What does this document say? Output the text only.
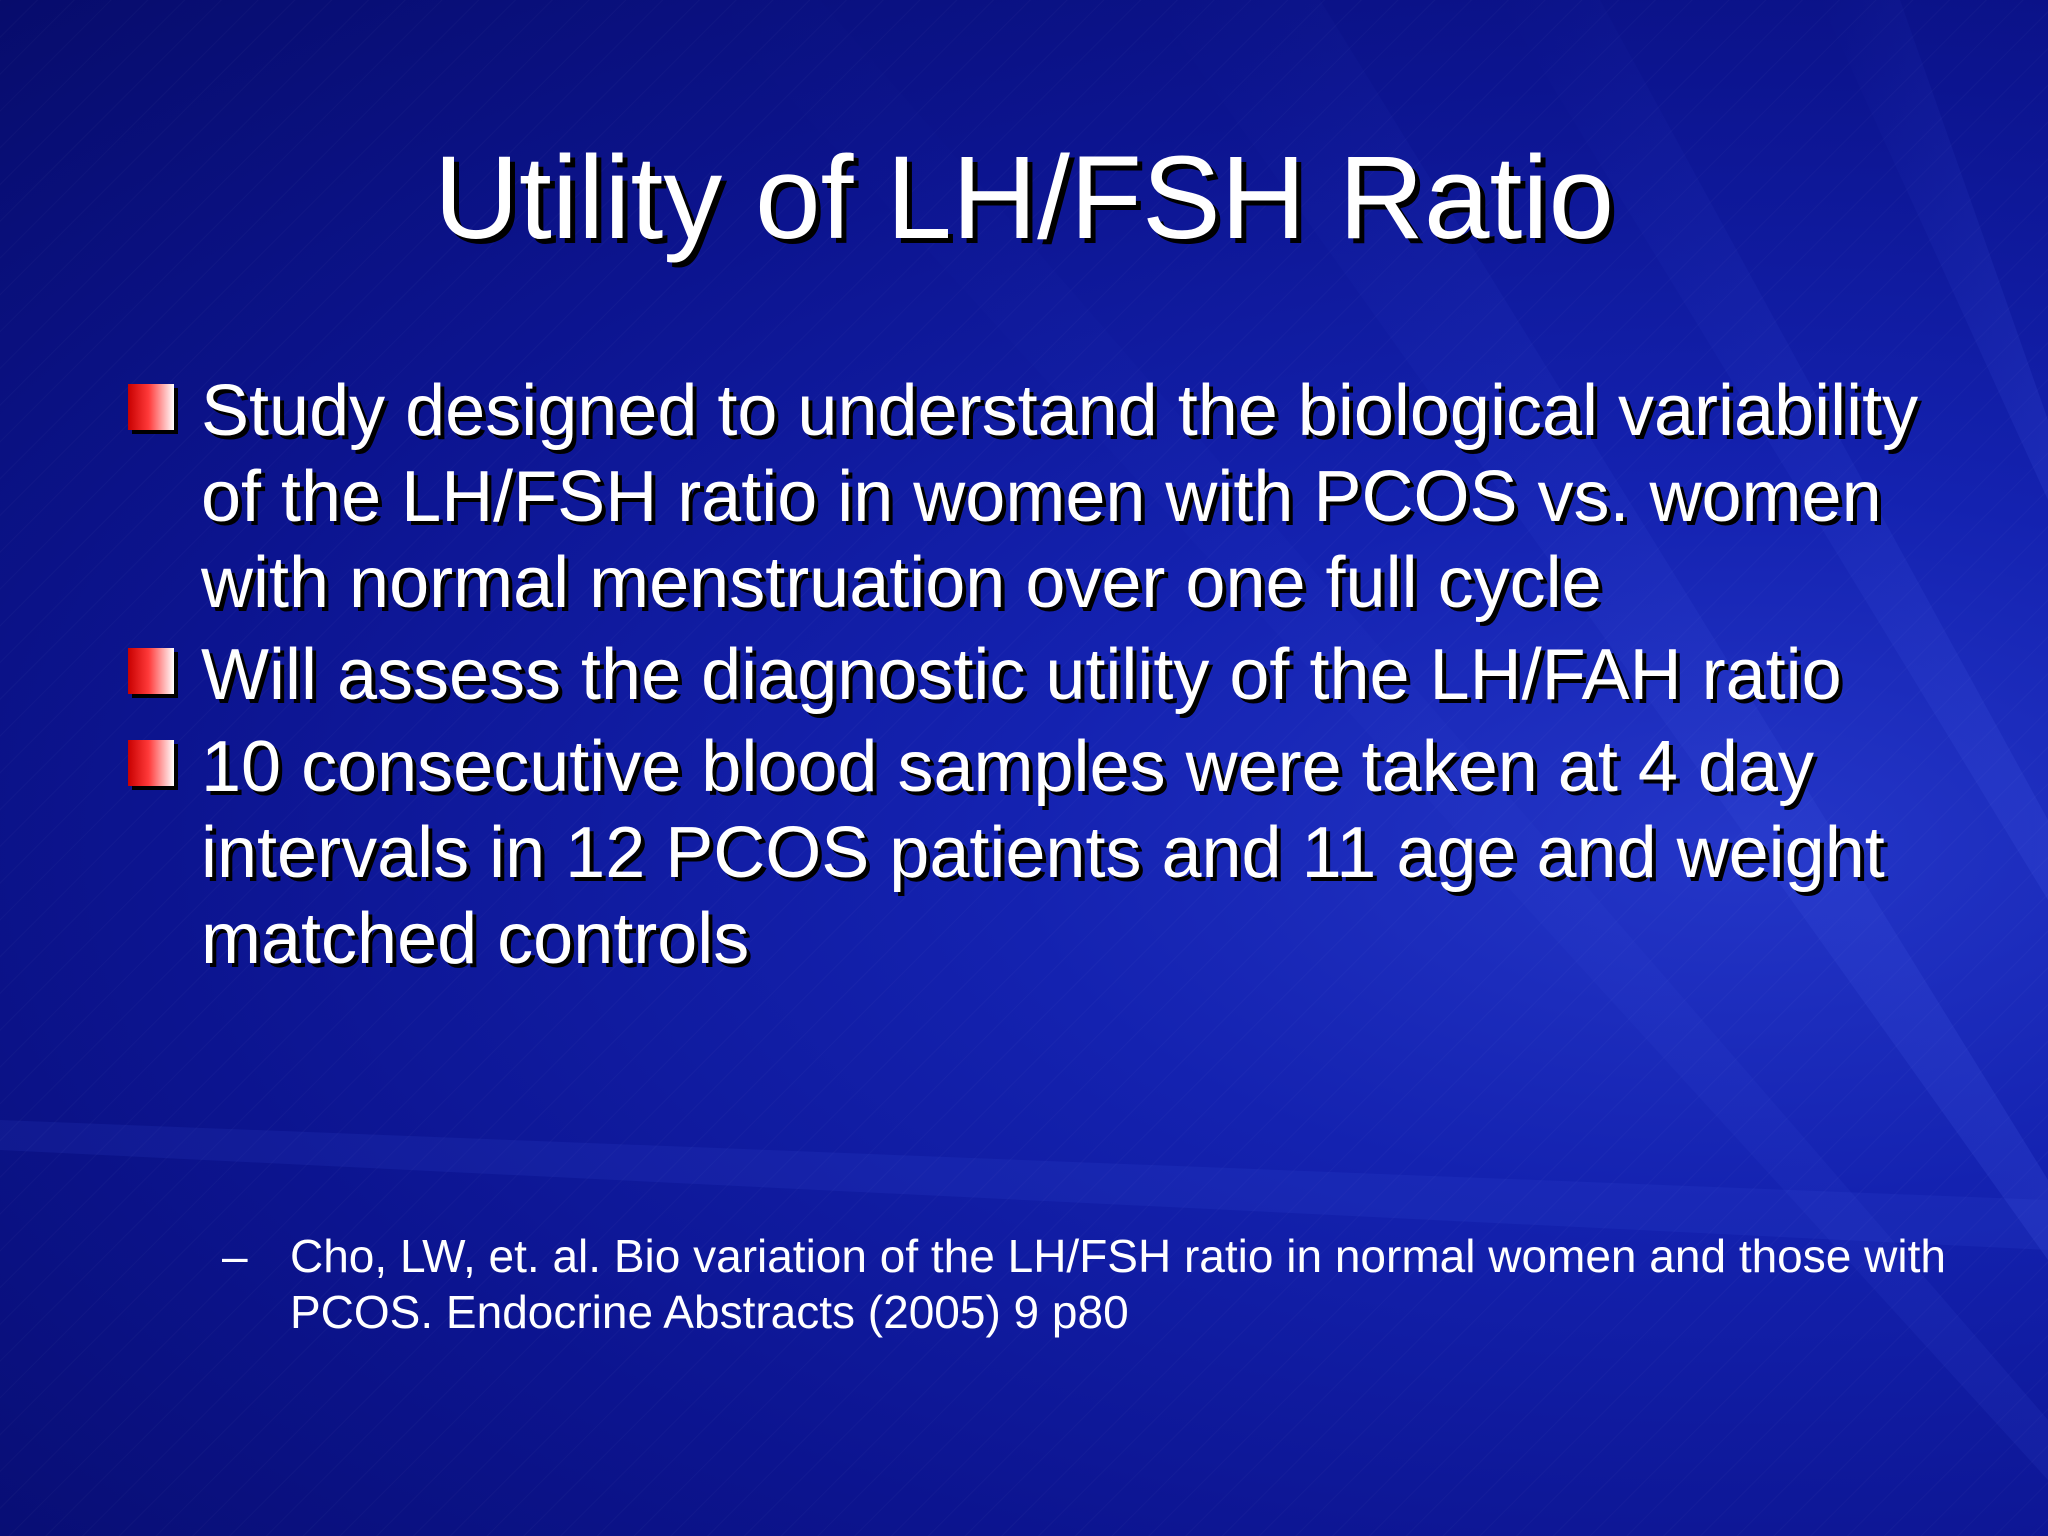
Utility of LH/FSH Ratio
Study designed to understand the biological variability of the LH/FSH ratio in women with PCOS vs. women with normal menstruation over one full cycle
Will assess the diagnostic utility of the LH/FAH ratio
10 consecutive blood samples were taken at 4 day intervals in 12 PCOS patients and 11 age and weight matched controls
– Cho, LW, et. al. Bio variation of the LH/FSH ratio in normal women and those with PCOS. Endocrine Abstracts (2005) 9 p80
